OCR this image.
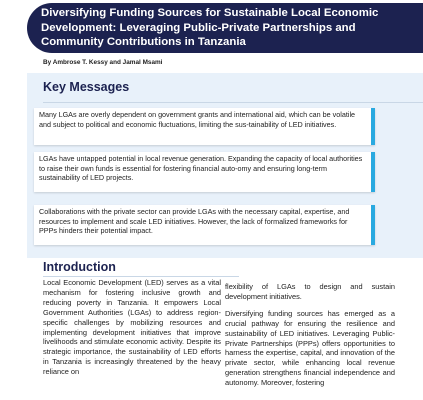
Diversifying Funding Sources for Sustainable Local Economic Development: Leveraging Public-Private Partnerships and Community Contributions in Tanzania
By Ambrose T. Kessy and Jamal Msami
Key Messages
Many LGAs are overly dependent on government grants and international aid, which can be volatile and subject to political and economic fluctuations, limiting the sus-tainability of LED initiatives.
LGAs have untapped potential in local revenue generation. Expanding the capacity of local authorities to raise their own funds is essential for fostering financial auto-omy and ensuring long-term sustainability of LED projects.
Collaborations with the private sector can provide LGAs with the necessary capital, expertise, and resources to implement and scale LED initiatives. However, the lack of formalized frameworks for PPPs hinders their potential impact.
Introduction

Local Economic Development (LED) serves as a vital mechanism for fostering inclusive growth and reducing poverty in Tanzania. It empowers Local Government Authorities (LGAs) to address region-specific challenges by mobilizing resources and implementing development initiatives that improve livelihoods and stimulate economic activity. Despite its strategic importance, the sustainability of LED efforts in Tanzania is increasingly threatened by the heavy reliance on

flexibility of LGAs to design and sustain development initiatives.

Diversifying funding sources has emerged as a crucial pathway for ensuring the resilience and sustainability of LED initiatives. Leveraging Public-Private Partnerships (PPPs) offers opportunities to harness the expertise, capital, and innovation of the private sector, while enhancing local revenue generation strengthens financial independence and autonomy. Moreover, fostering
